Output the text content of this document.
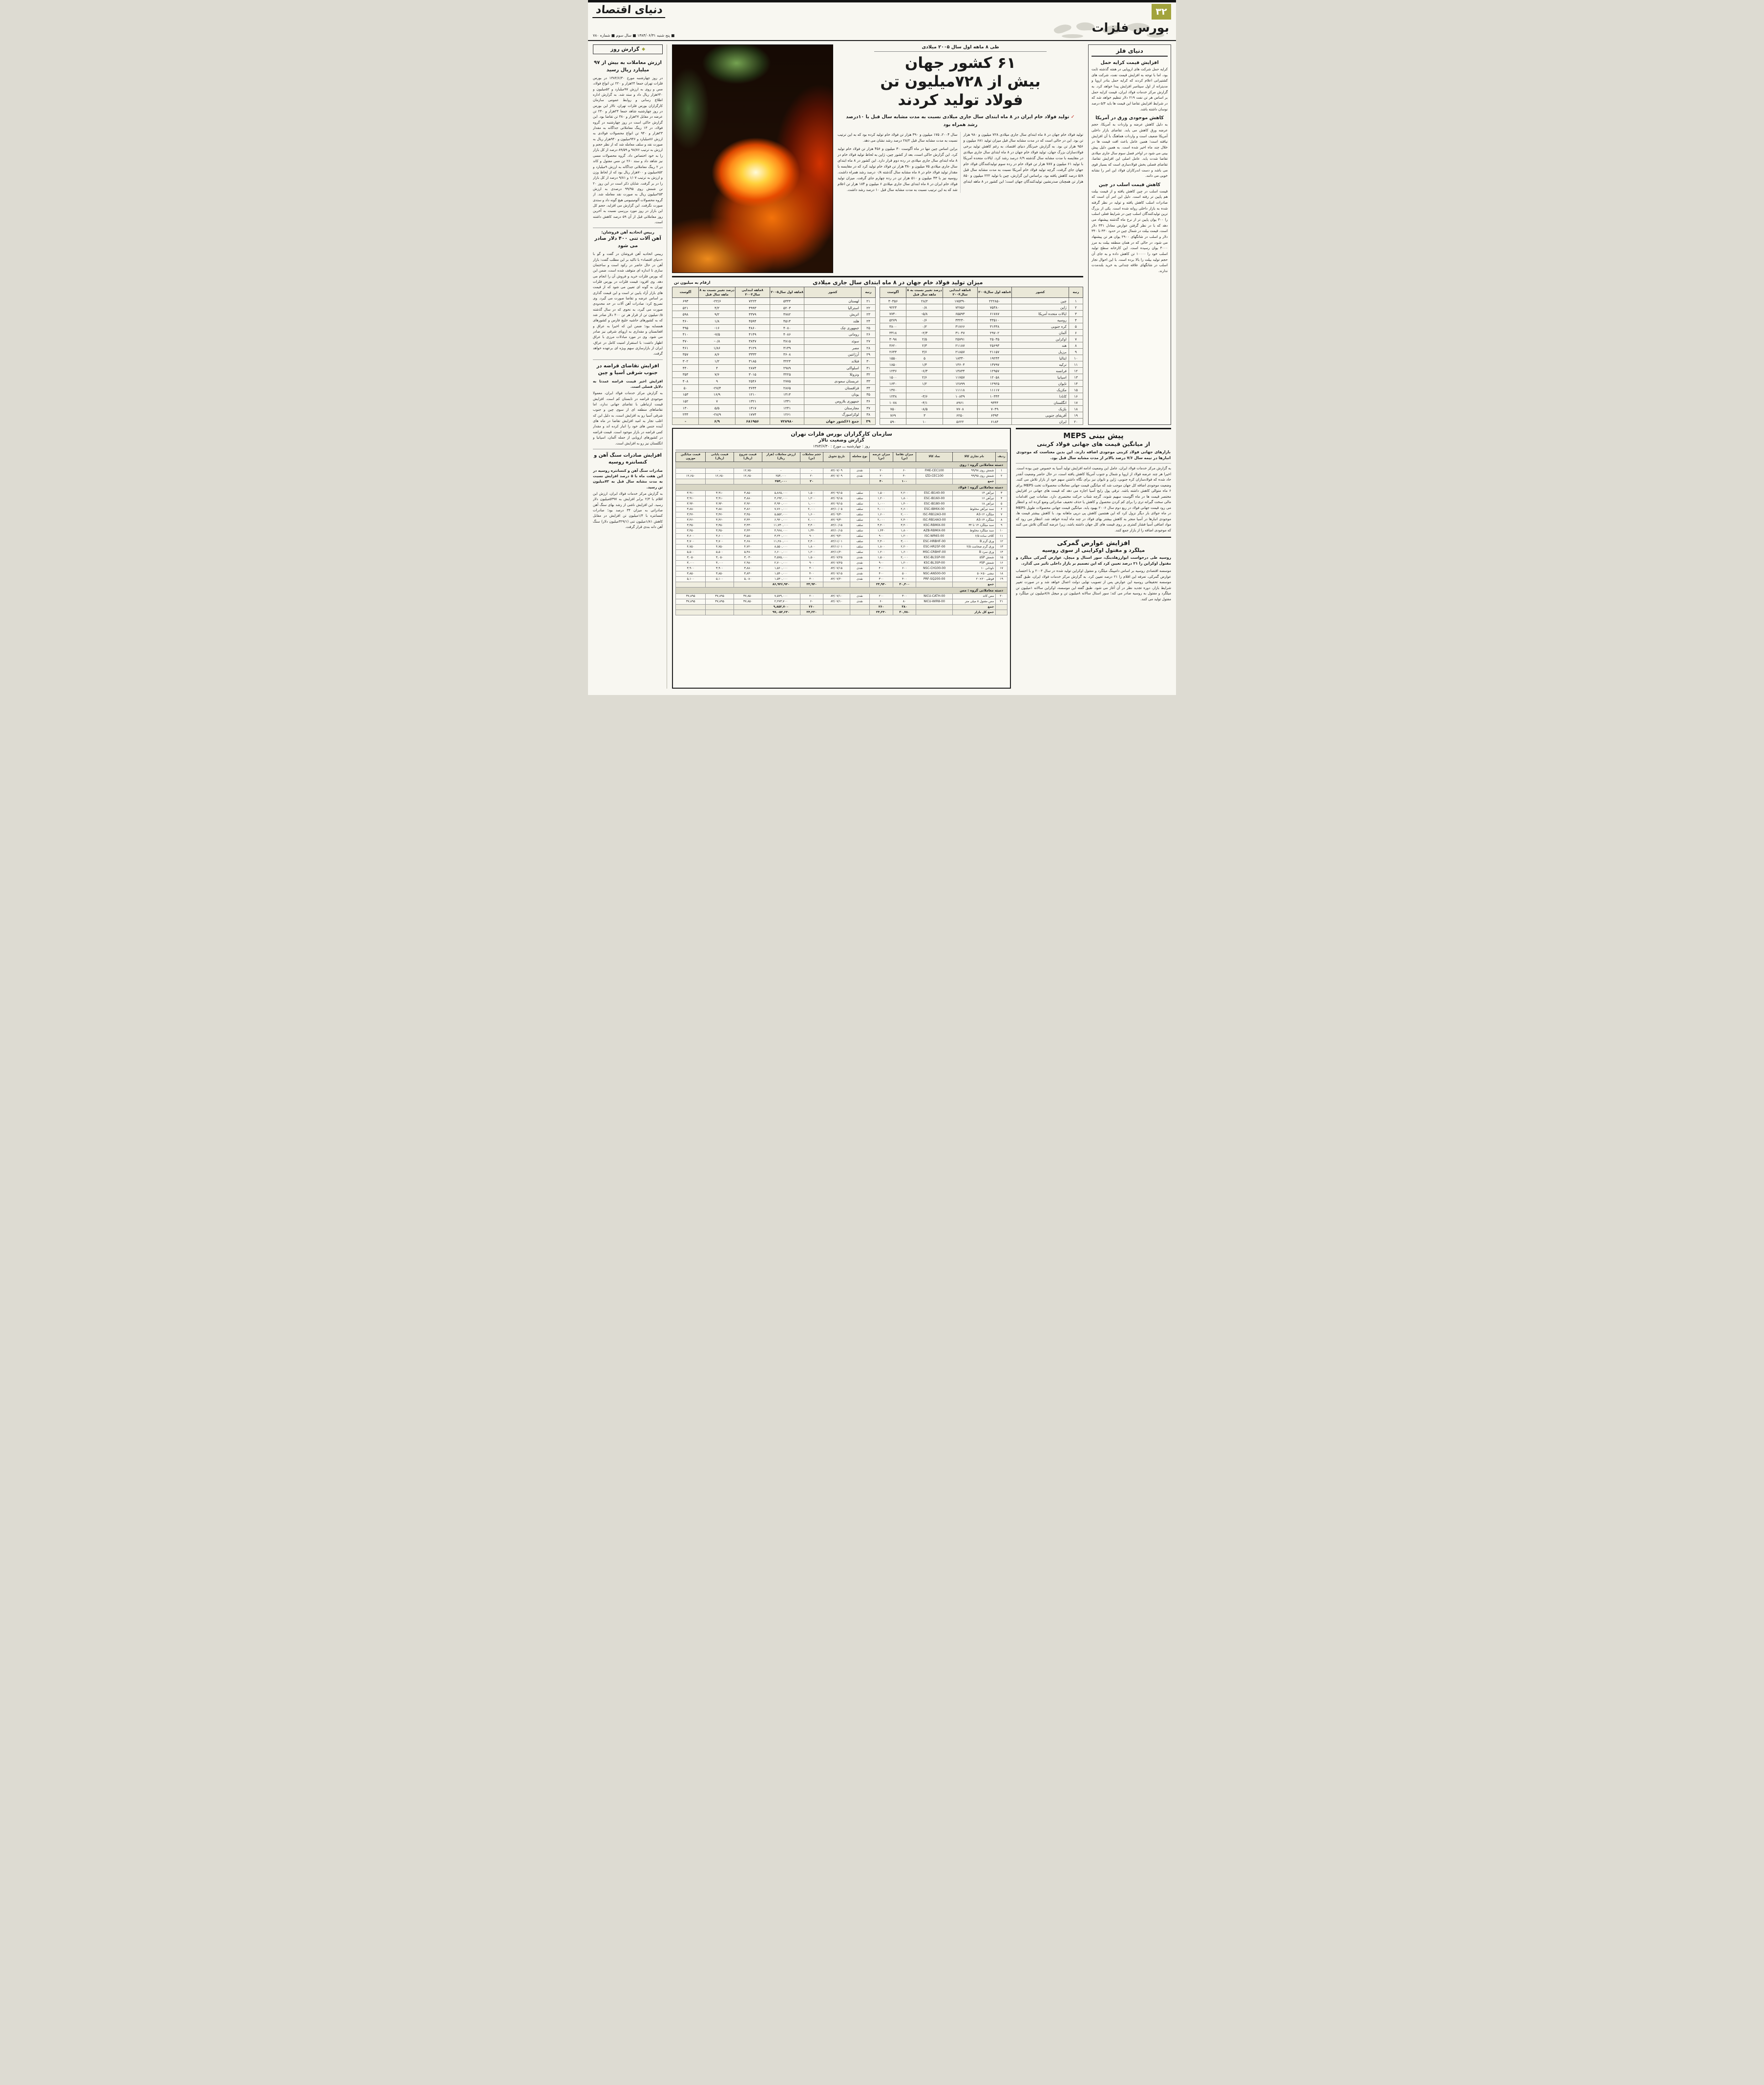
۳۲
دنیای اقتصاد
بورس فلزات
■ پنج شنبه ۱۳۸۴/۰۶/۳۱ ■ سال سوم ■ شماره ۷۸۰
دنیای فلز
افزایش قیمت کرایه حمل

کرایه حمل شرکت های اروپایی در هفته گذشته ثابت بود، اما با توجه به افزایش قیمت نفت، شرکت های کشتیرانی اعلام کردند که کرایه حمل بنادر اروپا و مدیترانه از اول سپتامبر افزایش پیدا خواهد کرد. به گزارش مرکز خدمات فولاد ایران، قیمت کرایه حمل بر اساس هر تن نفت ۲۱۹ دلار تنظیم خواهد شد که در شرایط افزایش تقاضا این قیمت ها باید ۵/۴ درصد نوسان داشته باشد.

کاهش موجودی ورق در آمریکا

به دلیل کاهش عرضه و واردات به آمریکا، حجم عرضه ورق کاهش می یابد. تقاضای بازار داخلی آمریکا ضعیف است و واردات هماهنگ با آن افزایش نیافته است؛ همین عامل باعث افت قیمت ها در خلال چند ماه اخیر شده است. به همین دلیل پیش بینی می شود در اواخر فصل سوم سال جاری میلادی تقاضا شدت یابد. عامل اصلی این افزایش تقاضا، تقاضای فصلی بخش فولادسازی است که بسیار قوی می باشد و دست اندرکاران فولاد این امر را نشانه خوبی می دانند.

کاهش قیمت اسلب در چین

قیمت اسلب در چین کاهش یافته و از قیمت بیلت هم پایین تر رفته است. دلیل این امر آن است که صادرات اسلب کاهش یافته و تولید در نظر گرفته شده به بازار داخلی روانه شده است. یکی از بزرگ ترین تولیدکنندگان اسلب چین در شرایط فعلی اسلب را ۳۰۰ یوان پایین تر از نرخ ماه گذشته پیشنهاد می دهد که با در نظر گرفتن عوارض معادل ۳۳۱ دلار است. قیمت بیلت در شمال چین در حدود ۳۳۰ تا ۳۴۰ دلار و اسلب در شانگهای ۲۹۰۰ یوان هر تن پیشنهاد می شود، در حالی که در همان منطقه بیلت به مرز ۳۰۰۰ یوان رسیده است. این کارخانه سطح تولید اسلب خود را ۱۰۰۰۰ تن کاهش داده و به جای آن حجم تولید بیلت را بالا برده است. با این احوال تجار اسلب در شانگهای علاقه چندانی به خرید بلندمدت ندارند.

طی ۸ ماهه اول سال ۲۰۰۵ میلادی
۶۱ کشور جهان
بیش از ۷۲۸میلیون تن
فولاد تولید کردند
✓ تولید فولاد خام ایران در ۸ ماه ابتدای سال جاری میلادی نسبت به مدت مشابه سال قبل با ۱۰درصد رشد همراه بود

تولید فولاد خام جهان در ۸ ماه ابتدای سال جاری میلادی ۷۲۸ میلیون و ۹۸۰ هزار تن بود. این در حالی است که در مدت مشابه سال قبل میزان تولید ۶۸۱ میلیون و ۹۵۶ هزار تن بود. به گزارش خبرنگار دنیای اقتصاد، به رغم کاهش تولید برخی فولادسازان بزرگ جهان، تولید فولاد خام جهان در ۸ ماه ابتدای سال جاری میلادی در مقایسه با مدت مشابه سال گذشته ۶/۹ درصد رشد کرد. ایالات متحده آمریکا با تولید ۶۱ میلیون و ۷۸۷ هزار تن فولاد خام در رده سوم تولیدکنندگان فولاد خام جهان جای گرفت، گرچه تولید فولاد خام آمریکا نسبت به مدت مشابه سال قبل ۵/۸ درصد کاهش یافته بود. براساس این گزارش، چین با تولید ۲۲۲ میلیون و ۸۵۰ هزار تن همچنان صدرنشین تولیدکنندگان جهان است؛ این کشور در ۸ ماهه ابتدای سال ۲۰۰۴، ۱۷۵ میلیون و ۳۹۰ هزار تن فولاد خام تولید کرده بود که به این ترتیب نسبت به مدت مشابه سال قبل ۲۸/۲ درصد رشد نشان می دهد.

براین اساس چین تنها در ماه آگوست ۳۰ میلیون و ۴۵۶ هزار تن فولاد خام تولید کرد. این گزارش حاکی است، بعد از کشور چین، ژاپن به لحاظ تولید فولاد خام در ۸ ماه ابتدای سال جاری میلادی در رده دوم قرار دارد. این کشور در ۸ ماه ابتدای سال جاری میلادی ۷۵ میلیون و ۳۸۰ هزار تن فولاد خام تولید کرد که در مقایسه با مقدار تولید فولاد خام در ۸ ماه مشابه سال گذشته ۰/۸ درصد رشد همراه داشت. روسیه نیز با ۴۳ میلیون و ۵۱۰ هزار تن در رده چهارم جای گرفت. میزان تولید فولاد خام ایران در ۸ ماه ابتدای سال جاری میلادی ۶ میلیون و ۱۸۴ هزار تن اعلام شد که به این ترتیب نسبت به مدت مشابه سال قبل ۱۰ درصد رشد داشت.

میزان تولید فولاد خام جهان در ۸ ماه ابتدای سال جاری میلادی
ارقام به میلیون تن
رتبه	کشور	۸ماهه اول سال۲۰۰۵	۸ماهه ابتدایی سال۲۰۰۴	درصد تغییر نسبت به ۸ ماهه سال قبل	آگوست
۱	چین	۲۲۲۸۵۰	۱۷۵۳۹۰	۲۸/۲	۳۰۳۵۶
۲	ژاپن	۷۵۳۸۰	۷۲۷۵۶	۰/۸	۹۲۲۴
۳	ایالات متحده آمریکا	۶۱۷۸۷	۶۵۵۹۳	۵/۸-	۷۷۴۰
۴	روسیه	۴۳۵۱۰	۴۳۲۳۰	۰/۶	۵۲۷۹
۵	کره جنوبی	۳۱۳۳۸	۳۱۷۶۶	۰/۲	۳۸۰۰
۶	آلمان	۲۹۷۰۲	۳۱۰۴۷	۲/۳-	۳۳۱۸
۷	اوکراین	۲۵۰۳۵	۲۵۷۹۱	۲/۵	۳۰۹۸
۸	هند	۲۵۶۹۳	۲۱۱۸۷	۲/۳	۳۶۲۰
۹	برزیل	۲۱۱۵۷	۲۱۸۵۷	۳/۶	۲۶۴۴
۱۰	ایتالیا	۱۹۲۴۴	۱۸۳۳۰	۵	۱۵۵۰
۱۱	ترکیه	۱۳۷۹۷	۱۳۶۰۴	۱/۴	۱۸۵۰
۱۲	فرانسه	۱۲۹۵۷	۱۳۸۳۴	۶/۳-	۱۲۳۶
۱۳	اسپانیا	۱۲۰۵۸	۱۱۷۵۷	۲/۶	۱۵۰۰
۱۴	تایوان	۱۲۹۲۵	۱۲۸۹۹	۱/۲	۱۶۳۰
۱۵	مکزیک	۱۱۱۱۷	۱۱۱۱۸	۰	۱۳۷۰
۱۶	کانادا	۱۰۳۴۴	۱۰۸۳۹	۳/۶-	۱۲۳۸
۱۷	انگلستان	۹۳۴۴	۸۹۶۱	۴/۱-	۱۰۷۸
۱۸	بلژیک	۷۰۴۹	۷۷۰۸	۸/۵-	۷۵۰
۱۹	آفریقای جنوبی	۶۳۹۳	۶۲۵۰	۳	۷۶۹
۲۰	ایران	۶۱۸۴	۵۶۲۲	۱۰	۵۹۰
رتبه	کشور	۸ماهه اول سال۲۰۰۵	۸ماهه ابتدایی سال۲۰۰۳	درصد تغییر نسبت به ۸ ماهه سال قبل	آگوست
۲۱	لهستان	۵۴۴۴	۷۲۲۳	۲۲/۶-	۶۹۳
۲۲	استرالیا	۵۲۰۳	۴۹۹۳	۴/۲	۵۲۱
۲۳	اتریش	۴۷۸۲	۴۳۷۹	۹/۲	۵۹۸
۲۴	هلند	۴۵۱۴	۴۵۹۴	۱/۸	۴۶۰
۲۵	جمهوری چک	۴۰۸۰	۴۸۶۰	۱۶-	۴۹۵
۲۶	رومانی	۴۰۸۶	۴۱۴۹	۷/۵-	۴۱۰
۲۷	سوئد	۳۸۱۵	۳۸۴۷	۰/۸-	۴۷۰
۲۸	مصر	۳۱۳۹	۳۱۲۹	۱/۸۶	۴۶۱
۲۹	آرژانتین	۳۶۰۸	۳۳۳۳	۸/۶	۳۵۷
۳۰	فنلاند	۳۲۲۴	۳۱۸۵	۱/۲	۳۰۲
۳۱	اسلواکی	۲۹۸۹	۲۸۷۴	۴	۴۴۰
۳۲	ونزوئلا	۳۲۲۵	۳۰۱۵	۷/۶	۳۵۴
۳۳	عربستان سعودی	۲۷۷۵	۲۵۴۶	۹	۴۰۸
۳۴	قزاقستان	۲۸۶۵	۳۶۴۴	۲۷/۴-	۵۰
۳۵	یونان	۱۴۱۴	۱۲۱۰	۱۶/۹	۱۵۳
۳۶	جمهوری بلاروس	۱۳۳۱	۱۳۲۱	۷	۱۵۲
۳۷	مجارستان	۱۲۴۱	۱۳۱۷	۵/۵	۱۳۰
۳۸	لوکزامبورگ	۱۲۶۱	۱۷۷۴	۲۸/۹-	۲۳۴
۳۹	جمع ۶۱کشور جهان	۷۲۸۹۸۰	۶۸۱۹۵۶	۶/۹	-
پیش بینی MEPS
از میانگین قیمت های جهانی فولاد کربنی

بازارهای جهانی فولاد کربنی موجودی اضافه دارند. این بدین معناست که موجودی انبارها در نیمه سال ۷/۶ درصد بالاتر از مدت مشابه سال قبل بود.

به گزارش مرکز خدمات فولاد ایران، عامل این وضعیت ادامه افزایش تولید آسیا به خصوص چین بوده است. اخیرا هر چند عرضه فولاد از اروپا و شمال و جنوب آمریکا کاهش یافته است، در حال حاضر وضعیت آنقدر حاد شده که فولادسازان کره جنوبی، ژاپن و تایوان نیز برای نگاه داشتن سهم خود از بازار تلاش می کنند. وضعیت موجودی اضافه کل جهان موجب شد که میانگین قیمت جهانی معاملات محصولات تخت MEPS برای ۶ ماه متوالی کاهش داشته باشد. ترقی پول رایج آسیا اجازه می دهد که قیمت های جهانی در افزایش مختصر قیمت ها در ماه آگوست سهیم شوند، گرچه شتاب حرکت مختصری دارد. مقامات چین اقدامات مالی سخت گیرانه تری را برای کم کردن محصول و کاهش یا حذف تخفیف صادراتی وضع کرده اند و انتظار می رود قیمت جهانی فولاد در ربع دوم سال ۲۰۰۶ بهبود یابد. میانگین قیمت جهانی محصولات طویل MEPS در ماه جولای بار دیگر نزول کرد که این هفتمین کاهش پی درپی ماهانه بود. با کاهش بیشتر قیمت ها، موجودی انبارها در آسیا منجر به کاهش بیشتر بهای فولاد در چند ماه آینده خواهد شد. انتظار می رود که مواد اضافی آسیا فشار کمتری بر روی قیمت های کل جهان داشته باشد، زیرا عرضه کنندگان تلاش می کنند که موجودی اضافه را از بازار جمع کنند.

افزایش عوارض گمرکی
میلگرد و مفتول اوکراینی از سوی روسیه

روسیه طی درخواست ایوارزهلدینگ، سور استال و میچل، عوارض گمرکی میلگرد و مفتول اوکراین را ۲۱ درصد تعیین کرد که این تصمیم بر بازار داخلی تاثیر می گذارد.

موسسه اقتصادی روسیه بر اساس دامپینگ میلگرد و مفتول اوکراین تولید شده در سال ۲۰۰۴ و با احتساب عوارض گمرکی، تعرفه این اقلام را ۲۱ درصد تعیین کرد. به گزارش مرکز خدمات فولاد ایران، طبق گفته موسسه تحقیقاتی روسیه این عوارض پس از تصویب نهایی دولت اعمال خواهد شد و در صورت تغییر شرایط بازار، دوره تجدید نظر در آن آغاز می شود. طبق گفته این موسسه، اوکراین سالانه ۱میلیون تن میلگرد و مفتول به روسیه صادر می کند؛ سور استال سالانه ۸میلیون تن و میچل ۷/۸میلیون تن میلگرد و مفتول تولید می کنند.

سازمان کارگزاران بورس فلزات تهران
گزارش وضعیت تالار
روز : چهارشنبه ـــ مورخ : ۱۳۸۴/۶/۳۰
ردیف	نام تجاری کالا	نماد کالا	میزان تقاضا (تن)	میزان عرضه (تن)	نوع معامله	تاریخ تحویل	حجم معاملات (تن)	ارزش معاملات (هزار ریال)	قیمت شروع (ریال)	قیمت پایانی (ریال)	قیمت میانگین موزون
دسته معاملاتی گروه : روی											
۱	شمش روی ۹۹/۹۸	FME-CEC100	۶۰	۲۰	نقدی	۸۴/۰۷/۰۹	-	-	۱۲,۷۵۰	-	-
۲	شمش روی ۹۹/۹۵	IZD-CEC100	۴۰	۲۰	نقدی	۸۴/۰۷/۰۹	۲۰	۲۵۳,۰۰۰	۱۲,۶۵۰	۱۲,۶۵۰	۱۲,۶۵۰
	جمع		۱۰۰	۴۰			۲۰	۲۵۳,۰۰۰			
دسته معاملاتی گروه : فولاد											
۳	تیرآهن ۱۴	ESC-IB140-00	۲,۲۰۰	۱,۵۰۰	سلف	۸۴/۰۹/۱۵	۱,۵۰۰	۵,۸۶۵,۰۰۰	۳,۸۵۰	۳,۹۱۰	۳,۹۱۰
۴	تیرآهن ۱۶	ESC-IB160-00	۱,۸۰۰	۱,۲۰۰	سلف	۸۴/۰۹/۱۵	۱,۲۰۰	۴,۶۹۲,۰۰۰	۳,۸۸۰	۳,۹۱۰	۳,۹۱۰
۵	تیرآهن ۱۸	ESC-IB180-00	۱,۴۰۰	۱,۰۰۰	سلف	۸۴/۰۹/۱۵	۱,۰۰۰	۳,۹۴۰,۰۰۰	۳,۹۲۰	۳,۹۴۰	۳,۹۴۰
۶	سبد تیرآهن مخلوط	ESC-IBMIX-00	۲,۶۰۰	۲,۰۰۰	سلف	۸۴/۱۰/۰۵	۲,۰۰۰	۷,۷۶۰,۰۰۰	۳,۸۶۰	۳,۸۸۰	۳,۸۸۰
۷	میلگرد A3-۱۲	ISC-RB12A3-00	۲,۰۰۰	۱,۶۰۰	سلف	۸۴/۰۹/۳۰	۱,۶۰۰	۵,۵۵۲,۰۰۰	۳,۴۵۰	۳,۴۷۰	۳,۴۷۰
۸	میلگرد A3-۱۴	ISC-RB14A3-00	۲,۴۰۰	۲,۰۰۰	سلف	۸۴/۰۹/۳۰	۲,۰۰۰	۶,۹۲۰,۰۰۰	۳,۴۴۰	۳,۴۶۰	۳,۴۶۰
۹	سبد میلگرد ۱۴ تا ۳۲	KSC-RBMIX-00	۳,۴۰۰	۳,۴۰۰	سلف	۸۴/۱۰/۱۵	۳,۴۰۰	۱۱,۷۳۰,۰۰۰	۳,۴۳۰	۳,۴۵۰	۳,۴۵۰
۱۰	سبد میلگرد مخلوط	AZB-RBMIX-00	۱,۸۰۰	۱,۴۴۰	سلف	۸۴/۱۰/۱۵	۱,۴۴۰	۴,۹۶۸,۰۰۰	۳,۴۳۰	۳,۴۵۰	۳,۴۵۰
۱۱	کلاف ساده ۶/۵	ISC-WR65-00	۱,۲۰۰	۹۰۰	سلف	۸۴/۰۹/۲۰	۹۰۰	۳,۲۴۰,۰۰۰	۳,۵۸۰	۳,۶۰۰	۳,۶۰۰
۱۲	ورق گرم B	ESC-HRBHF-00	۳,۰۰۰	۲,۴۰۰	سلف	۸۴/۱۱/۰۱	۲,۴۰۰	۱۱,۲۸۰,۰۰۰	۴,۶۸۰	۴,۷۰۰	۴,۷۰۰
۱۳	ورق گرم ضخامت ۲/۵	ESC-HR25F-00	۲,۲۰۰	۱,۸۰۰	سلف	۸۴/۱۱/۰۱	۱,۸۰۰	۸,۵۵۰,۰۰۰	۴,۷۲۰	۴,۷۵۰	۴,۷۵۰
۱۴	ورق سرد B	MSC-CRBHF-00	۱,۶۰۰	۱,۲۰۰	سلف	۸۴/۱۱/۲۰	۱,۲۰۰	۶,۶۰۰,۰۰۰	۵,۴۸۰	۵,۵۰۰	۵,۵۰۰
۱۵	شمش ۵SP	KSC-BL5SP-00	۲,۰۰۰	۱,۵۰۰	نقدی	۸۴/۰۷/۲۵	۱,۵۰۰	۴,۵۷۵,۰۰۰	۳,۰۳۰	۳,۰۵۰	۳,۰۵۰
۱۶	شمش ۳SP	KSC-BL3SP-00	۱,۲۰۰	۹۰۰	نقدی	۸۴/۰۷/۲۵	۹۰۰	۲,۷۰۰,۰۰۰	۲,۹۸۰	۳,۰۰۰	۳,۰۰۰
۱۷	ناودانی ۱۰	NSC-CH100-00	۶۰۰	۴۰۰	نقدی	۸۴/۰۷/۱۵	۴۰۰	۱,۵۶۰,۰۰۰	۳,۸۸۰	۳,۹۰۰	۳,۹۰۰
۱۸	نبشی ۵۰×۵۰	NSC-AN500-00	۵۰۰	۴۰۰	نقدی	۸۴/۰۷/۱۵	۴۰۰	۱,۵۴۰,۰۰۰	۳,۸۳۰	۳,۸۵۰	۳,۸۵۰
۱۹	قوطی ۲۰×۲۰	PRF-SQ200-00	۴۰۰	۳۰۰	نقدی	۸۴/۰۷/۲۰	۳۰۰	۱,۵۳۰,۰۰۰	۵,۰۸۰	۵,۱۰۰	۵,۱۰۰
	جمع		۳۰,۳۰۰	۲۳,۹۴۰			۲۳,۹۴۰	۸۶,۹۴۶,۹۴۰			
دسته معاملاتی گروه : مس											
۲۰	مس کاتد	NICU-CATH-00	۳۰۰	۲۰۰	نقدی	۸۴/۰۷/۱۰	۲۰۰	۷,۵۷۹,۰۰۰	۳۷,۸۵۰	۳۷,۸۹۵	۳۷,۸۹۵
۲۱	مس مفتول ۸ میلی متر	NICU-WIR8-00	۸۰	۶۰	نقدی	۸۴/۰۷/۱۰	۶۰	۲,۲۷۳,۷۰۰	۳۷,۸۵۰	۳۷,۸۹۵	۳۷,۸۹۵
	جمع		۳۸۰	۲۶۰			۲۶۰	۹,۸۵۲,۷۰۰			
	جمع کل بازار		۳۰,۷۸۰	۲۴,۲۴۰			۲۴,۲۲۰	۹۷,۰۵۲,۶۴۰			
◆
گزارش روز
ارزش معاملات به بیش از ۹۷ میلیارد ریال رسید

در روز چهارشنبه مورخ ۱۳۸۴/۶/۳۰ در بورس فلزات تهران جمعا ۲۴هزار و ۲۲۰ تن انواع فولاد، مس و روی به ارزش ۹۷میلیارد و ۵۲میلیون و ۶۴۰هزار ریال داد و ستد شد. به گزارش اداره اطلاع رسانی و روابط عمومی سازمان کارگزاران بورس فلزات تهران، تالار این بورس در روز چهارشنبه شاهد جمعا ۲۴هزار و ۲۴۰ تن عرضه در مقابل ۲۷هزار و ۳۸۰ تن تقاضا بود. این گزارش حاکی است در روز چهارشنبه در گروه فولاد، در ۱۳ رینگ معاملاتی جداگانه به مقدار ۲۳هزار و ۹۴۰ تن انواع محصولات فولادی به ارزش ۸۶میلیارد و ۹۴۶میلیون و ۹۴۰هزار ریال به صورت نقد و سلف معامله شد که از نظر حجم و ارزش به ترتیب ۹۸/۷۶ و ۸۹/۵۹ درصد از کل بازار را به خود اختصاص داد. گروه محصولات مسی نیز شاهد داد و ستد ۲۶۰ تن مس مفتول و کاتد در ۲ رینگ معاملاتی جداگانه به ارزش ۹میلیارد و ۸۵۲میلیون و ۷۰۰هزار ریال بود که از لحاظ وزن و ارزش به ترتیب ۱/۰۷ و ۹/۸۱ درصد از کل بازار را در بر گرفت. شایان ذکر است در این روز ۲۰ تن شمش روی ۹۹/۹۵ درصدی به ارزش ۲۵۳میلیون ریال به صورت نقد معامله شد. از گروه محصولات آلومینیومی هیچ گونه داد و ستدی صورت نگرفت. این گزارش می افزاید، حجم کل این بازار در روز مورد بررسی نسبت به آخرین روز معاملاتی قبل از آن ۵۹ درصد کاهش داشته است.

رییس اتحادیه آهن فروشان:
آهن آلات تنی ۴۰۰ دلار صادر می شود

رییس اتحادیه آهن فروشان در گفت و گو با «دنیای اقتصاد» با تاکید بر این مطلب گفت: بازار آهن در حال حاضر در رکود است و ساختمان سازی تا اندازه ای متوقف شده است، ضمن این که بورس فلزات خرید و فروش آن را انجام می دهد. وی افزود: قیمت فلزات در بورس فلزات تهران به گونه ای تعیین می شود که از قیمت های بازار آزاد پایین تر است و این قیمت گذاری بر اساس عرضه و تقاضا صورت می گیرد. وی تصریح کرد: صادرات آهن آلات در حد محدودی صورت می گیرد، به نحوی که در سال گذشته ۰/۵میلیون تن از قرار هر تن ۴۰۰ دلار صادر شد که به کشورهای حاشیه خلیج فارس و کشورهای همسایه بود؛ ضمن این که اخیرا به عراق و افغانستان و مقداری به اروپای شرقی نیز صادر می شود. وی در مورد مبادلات مرزی با عراق اظهار داشت: با استقرار امنیت کامل در عراق، ایران از بازارسازی سهم ویژه ای برعهده خواهد گرفت.

افزایش تقاضای قراضه در جنوب شرقی آسیا و چین

افزایش اخیر قیمت قراضه عمدتا به دلایل فصلی است.

به گزارش مرکز خدمات فولاد ایران، معمولا موجودی قراضه در تابستان کم است. افزایش قیمت ارتباطی با تقاضای جهانی ندارد، اما تقاضاهای منطقه ای از سوی چین و جنوب شرقی آسیا رو به افزایش است، به دلیل این که اغلب تجار به امید افزایش تقاضا در ماه های آینده جنس های خود را انبار کرده اند و مقدار کمی قراضه در بازار موجود است. قیمت قراضه در کشورهای اروپایی از جمله آلمان، اسپانیا و انگلستان نیز رو به افزایش است.

افزایش صادرات سنگ آهن و کنسانتره روسیه

صادرات سنگ آهن و کنسانتره روسیه در این هفت ماه با ۵ درصد افزایش نسبت به مدت مشابه سال قبل به ۷۲میلیون تن رسید.

به گزارش مرکز خدمات فولاد ایران، ارزش این اقلام با ۲/۳ برابر افزایش به ۵۳۹۷میلیون دلار رسید. این افزایش ناشی از رشد بهای سنگ آهن صادراتی به میزان ۳۴ درصد بود؛ صادرات کنسانتره با ۱/۴میلیون تن افزایش در مقابل کاهش ۱/۸۱میلیون تنی (۳۲۹/۱میلیون دلار) سنگ آهن دانه بندی قرار گرفت.
